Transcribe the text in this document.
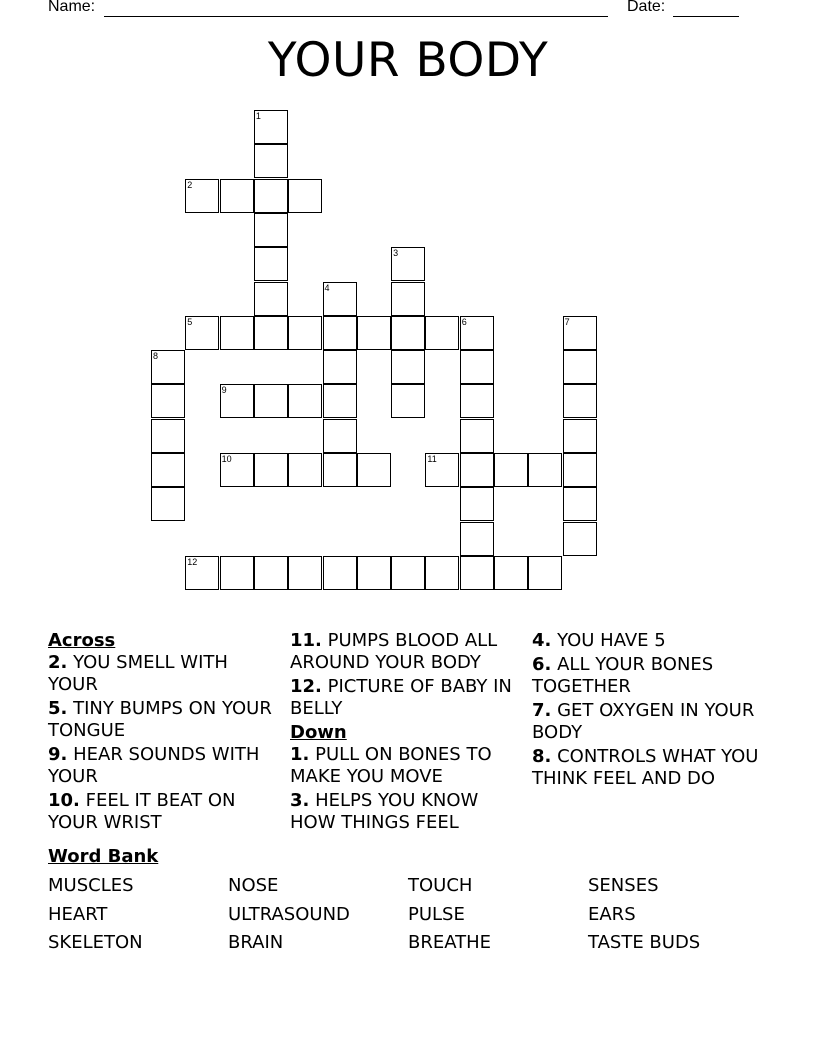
Name:	Date:
YOUR BODY
1
2
3
4
5	6	7
8
9
10	11
12
Across
2. YOU SMELL WITH YOUR
5. TINY BUMPS ON YOUR TONGUE
9. HEAR SOUNDS WITH YOUR
10. FEEL IT BEAT ON YOUR WRIST
11. PUMPS BLOOD ALL AROUND YOUR BODY
12. PICTURE OF BABY IN BELLY
Down
1. PULL ON BONES TO MAKE YOU MOVE
3. HELPS YOU KNOW HOW THINGS FEEL
4. YOU HAVE 5
6. ALL YOUR BONES TOGETHER
7. GET OXYGEN IN YOUR BODY
8. CONTROLS WHAT YOU THINK FEEL AND DO
Word Bank
MUSCLES	NOSE	TOUCH	SENSES
HEART	ULTRASOUND	PULSE	EARS
SKELETON	BRAIN	BREATHE	TASTE BUDS
